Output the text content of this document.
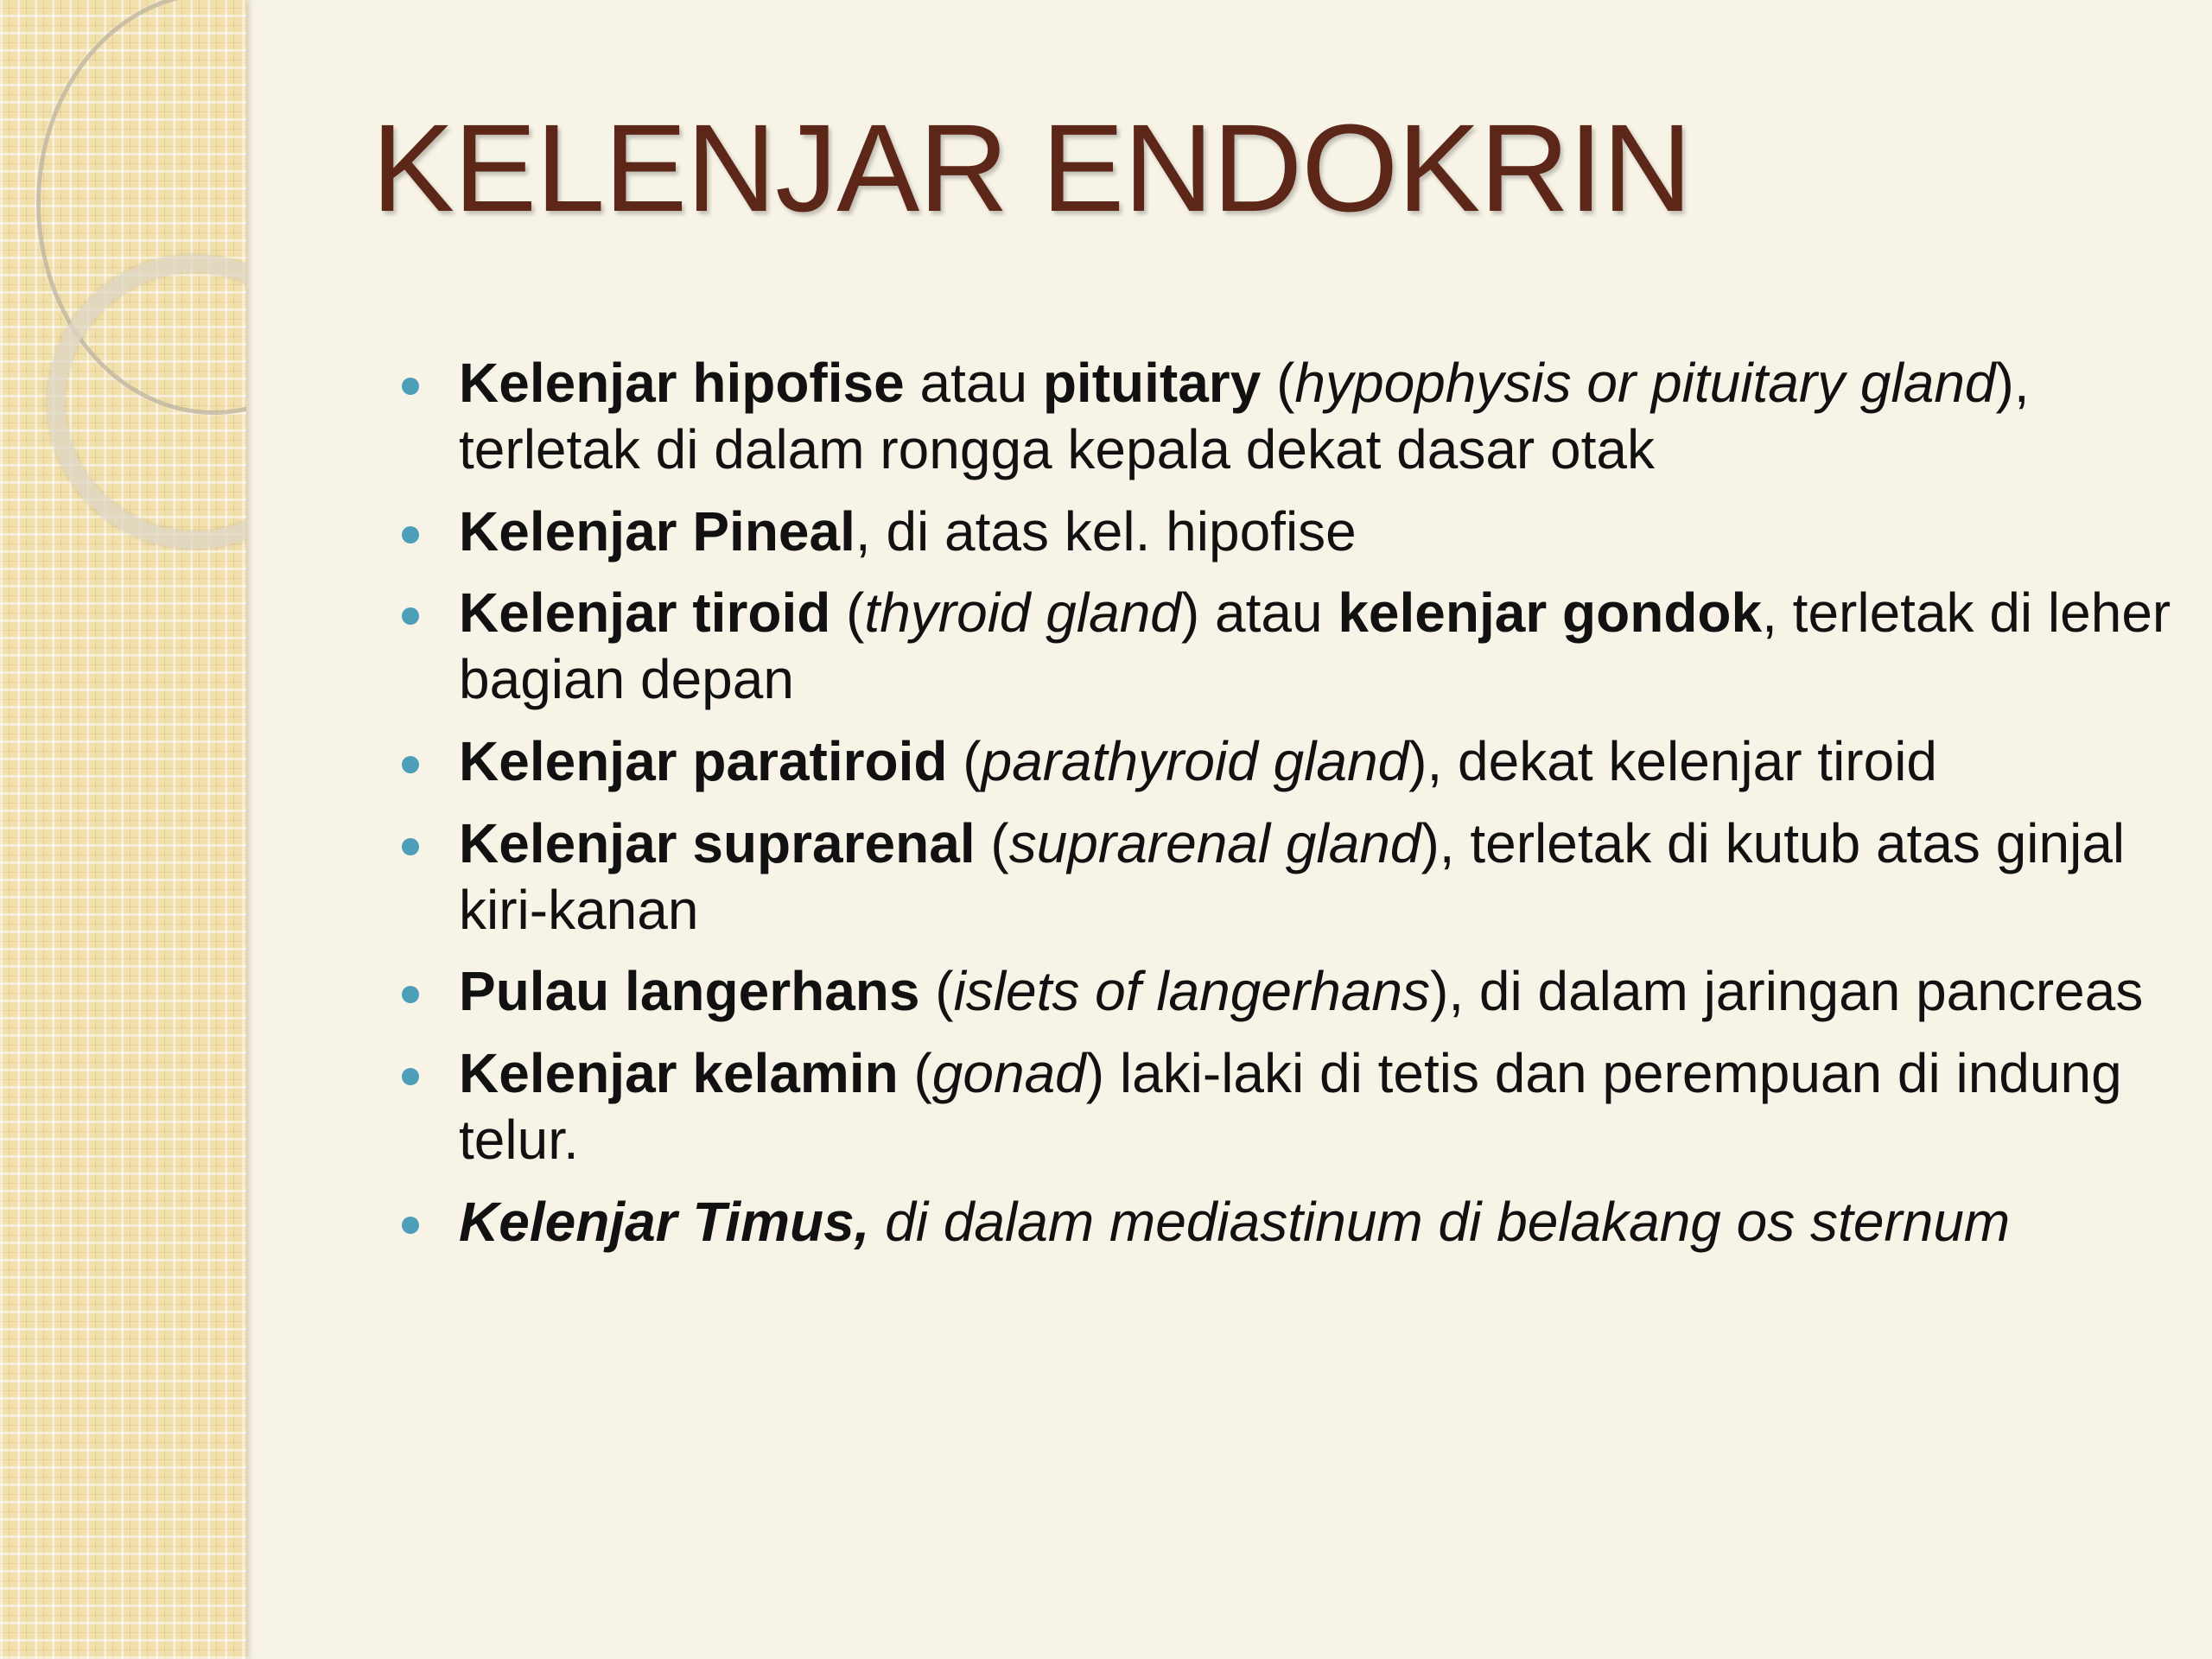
KELENJAR ENDOKRIN
Kelenjar hipofise atau pituitary (hypophysis or pituitary gland), terletak di dalam rongga kepala dekat dasar otak
Kelenjar Pineal, di atas kel. hipofise
Kelenjar tiroid (thyroid gland) atau kelenjar gondok, terletak di leher bagian depan
Kelenjar paratiroid (parathyroid gland), dekat kelenjar tiroid
Kelenjar suprarenal (suprarenal gland), terletak di kutub atas ginjal kiri-kanan
Pulau langerhans (islets of langerhans), di dalam jaringan pancreas
Kelenjar kelamin (gonad) laki-laki di tetis dan perempuan di indung telur.
Kelenjar Timus, di dalam mediastinum di belakang os sternum
